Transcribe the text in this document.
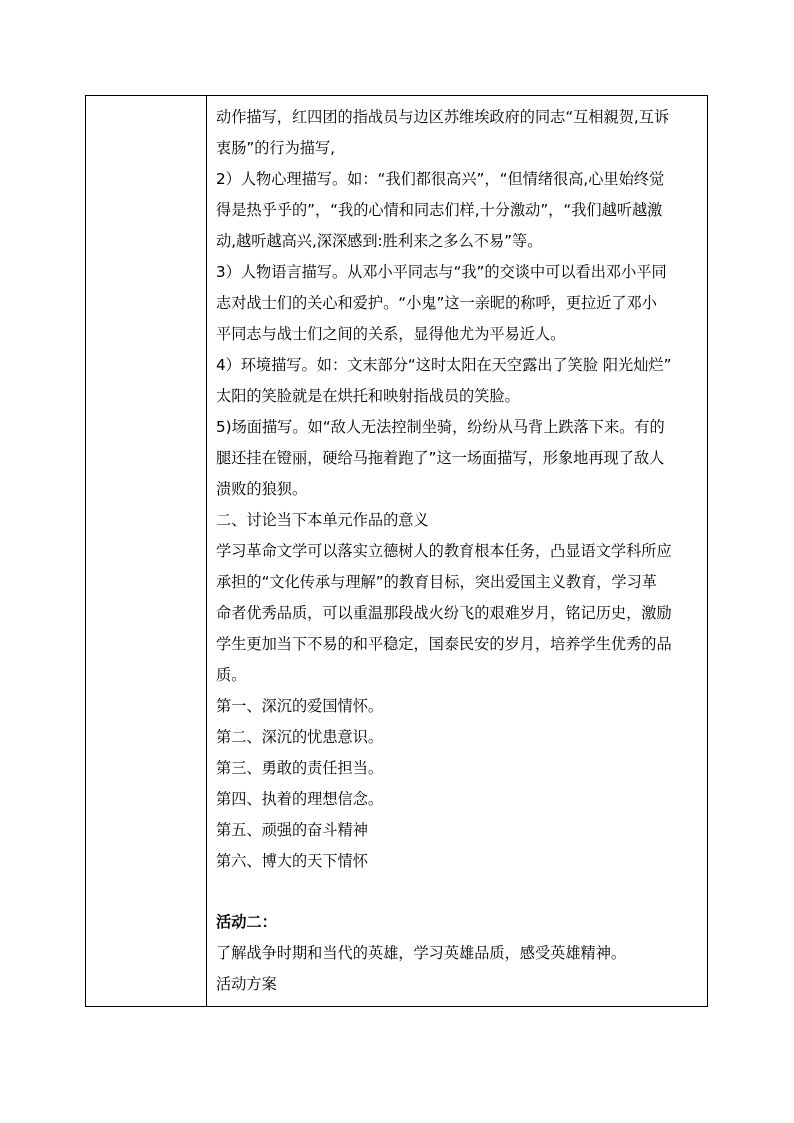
动作描写，红四团的指战员与边区苏维埃政府的同志“互相親贺,互诉

衷肠”的行为描写,

2）人物心理描写。如：“我们都很高兴”，“但情绪很高,心里始终觉

得是热乎乎的”，“我的心情和同志们样,十分激动”，“我们越听越激

动,越听越高兴,深深感到:胜利来之多么不易”等。

3）人物语言描写。从邓小平同志与“我”的交谈中可以看出邓小平同

志对战士们的关心和爱护。“小鬼”这一亲昵的称呼，更拉近了邓小

平同志与战士们之间的关系，显得他尤为平易近人。

4）环境描写。如：文末部分“这时太阳在天空露出了笑脸 阳光灿烂”

太阳的笑脸就是在烘托和映射指战员的笑脸。

5)场面描写。如“敌人无法控制坐骑，纷纷从马背上跌落下来。有的

腿还挂在镫丽，硬给马拖着跑了”这一场面描写，形象地再现了敌人

溃败的狼狈。

二、讨论当下本单元作品的意义

学习革命文学可以落实立德树人的教育根本任务，凸显语文学科所应

承担的“文化传承与理解”的教育目标，突出爱国主义教育，学习革

命者优秀品质，可以重温那段战火纷飞的艰难岁月，铭记历史，激励

学生更加当下不易的和平稳定，国泰民安的岁月，培养学生优秀的品

质。

第一、深沉的爱国情怀。

第二、深沉的忧患意识。

第三、勇敢的责任担当。

第四、执着的理想信念。

第五、顽强的奋斗精神

第六、博大的天下情怀

活动二：

了解战争时期和当代的英雄，学习英雄品质，感受英雄精神。

活动方案
